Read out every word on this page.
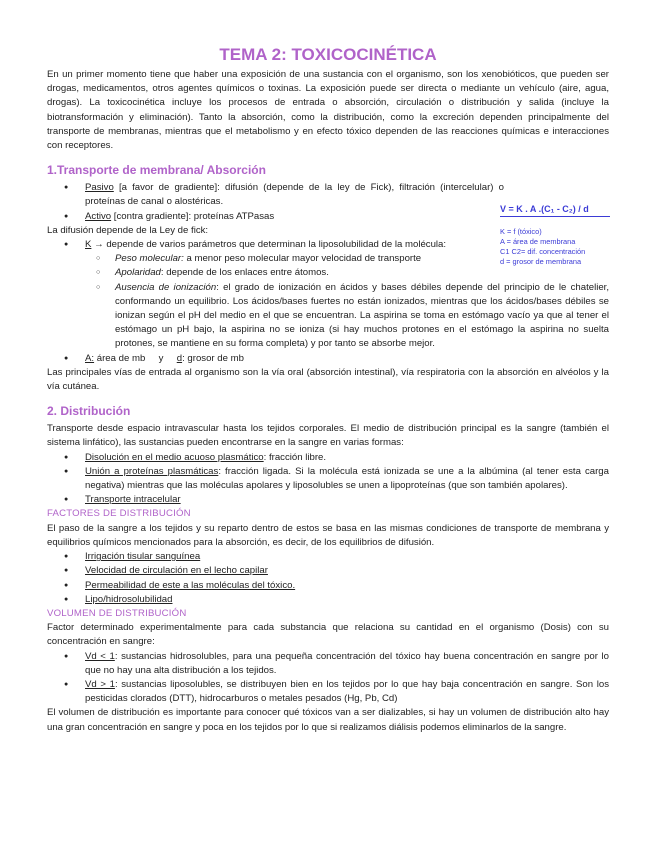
TEMA 2: TOXICOCINÉTICA

En un primer momento tiene que haber una exposición de una sustancia con el organismo, son los xenobióticos, que pueden ser drogas, medicamentos, otros agentes químicos o toxinas. La exposición puede ser directa o mediante un vehículo (aire, agua, drogas). La toxicocinética incluye los procesos de entrada o absorción, circulación o distribución y salida (incluye la biotransformación y eliminación). Tanto la absorción, como la distribución, como la excreción dependen principalmente del transporte de membranas, mientras que el metabolismo y en efecto tóxico dependen de las reacciones químicas e interacciones con receptores.

1.Transporte de membrana/ Absorción
● Pasivo [a favor de gradiente]: difusión (depende de la ley de Fick), filtración (intercelular) o proteínas de canal o alostéricas.
● Activo [contra gradiente]: proteínas ATPasas

La difusión depende de la Ley de fick:

● K → depende de varios parámetros que determinan la liposolubilidad de la molécula:
○ Peso molecular: a menor peso molecular mayor velocidad de transporte
○ Apolaridad: depende de los enlaces entre átomos.
○ Ausencia de ionización: el grado de ionización en ácidos y bases débiles depende del principio de le chatelier, conformando un equilibrio. Los ácidos/bases fuertes no están ionizados, mientras que los ácidos/bases débiles se ionizan según el pH del medio en el que se encuentran. La aspirina se toma en estómago vacío ya que al tener el estómago un pH bajo, la aspirina no se ioniza (si hay muchos protones en el estómago la aspirina no suelta protones, se mantiene en su forma completa) y por tanto se absorbe mejor.
● A: área de mb     y     d: grosor de mb

Las principales vías de entrada al organismo son la vía oral (absorción intestinal), vía respiratoria con la absorción en alvéolos y la vía cutánea.

2. Distribución

Transporte desde espacio intravascular hasta los tejidos corporales. El medio de distribución principal es la sangre (también el sistema linfático), las sustancias pueden encontrarse en la sangre en varias formas:

● Disolución en el medio acuoso plasmático: fracción libre.
● Unión a proteínas plasmáticas: fracción ligada. Si la molécula está ionizada se une a la albúmina (al tener esta carga negativa) mientras que las moléculas apolares y liposolubles se unen a lipoproteínas (que son también apolares).
● Transporte intracelular
FACTORES DE DISTRIBUCIÓN

El paso de la sangre a los tejidos y su reparto dentro de estos se basa en las mismas condiciones de transporte de membrana y equilibrios químicos mencionados para la absorción, es decir, de los equilibrios de difusión.

● Irrigación tisular sanguínea
● Velocidad de circulación en el lecho capilar
● Permeabilidad de este a las moléculas del tóxico.
● Lipo/hidrosolubilidad
VOLUMEN DE DISTRIBUCIÓN

Factor determinado experimentalmente para cada substancia que relaciona su cantidad en el organismo (Dosis) con su concentración en sangre:

● Vd < 1: sustancias hidrosolubles, para una pequeña concentración del tóxico hay buena concentración en sangre por lo que no hay una alta distribución a los tejidos.
● Vd > 1: sustancias liposolubles, se distribuyen bien en los tejidos por lo que hay baja concentración en sangre. Son los pesticidas clorados (DTT), hidrocarburos o metales pesados (Hg, Pb, Cd)

El volumen de distribución es importante para conocer qué tóxicos van a ser dializables, si hay un volumen de distribución alto hay una gran concentración en sangre y poca en los tejidos por lo que si realizamos diálisis podemos eliminarlos de la sangre.

V = K . A .(C₁ - C₂) / d
K = f (tóxico)
A = área de membrana
C1 C2= dif. concentración
d = grosor de membrana
